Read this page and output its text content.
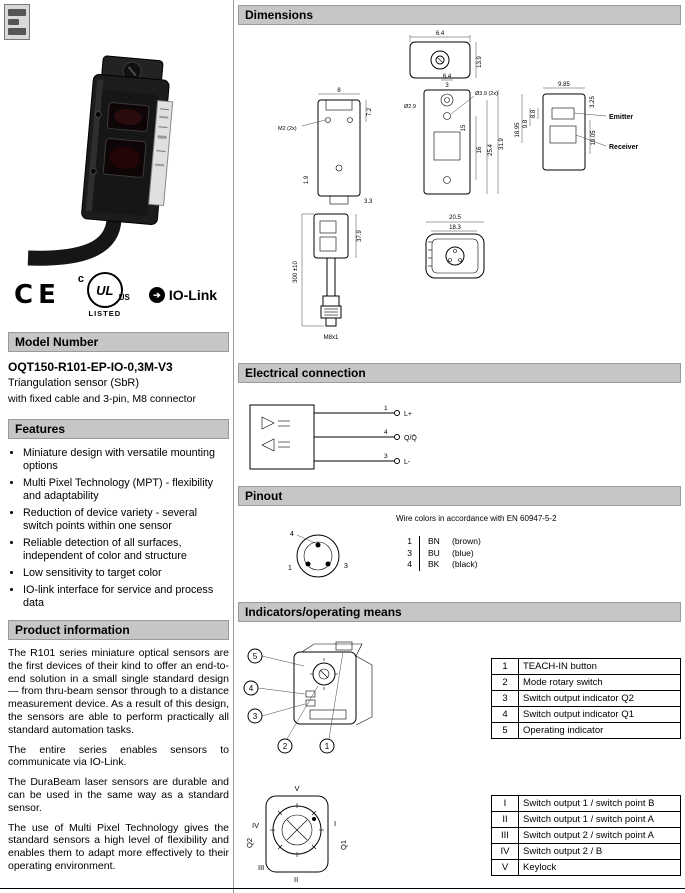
CE
c
UL US
LISTED
➔ IO-Link
Model Number
OQT150-R101-EP-IO-0,3M-V3
Triangulation sensor (SbR)
with fixed cable and 3-pin, M8 connector
Features
• Miniature design with versatile mounting options
• Multi Pixel Technology (MPT) - flexibility and adaptability
• Reduction of device variety - several switch points within one sensor
• Reliable detection of all surfaces, independent of color and structure
• Low sensitivity to target color
• IO-link interface for service and process data
Product information

The R101 series miniature optical sensors are the first devices of their kind to offer an end-to-end solution in a small single standard design — from thru-beam sensor through to a distance measurement device. As a result of this design, the sensors are able to perform practically all standard automation tasks.

The entire series enables sensors to communicate via IO-Link.

The DuraBeam laser sensors are durable and can be used in the same way as a standard sensor.

The use of Multi Pixel Technology gives the standard sensors a high level of flexibility and enables them to adapt more effectively to their operating environment.

Dimensions
6.4
13.9
8
7.2
M2 (2x)
1.9
3.3
300 ±10
37.9
M8x1
6.4
3
Ø3.9 (2x)
Ø2.9
16 25.4
31.9
15
Emitter
Receiver
9.85
3.25
19.05
8.8
9.8
18.95
20.5
18.3
Electrical connection
1
4
3
L+
Q/Q̄
L-
Pinout
Wire colors in accordance with EN 60947-5-2
4
3
1
1	BN	(brown)
3	BU	(blue)
4	BK	(black)
Indicators/operating means
5
4
3
2	1
V
IV
III
II
I
Q2	Q1
1	TEACH-IN button
2	Mode rotary switch
3	Switch output indicator Q2
4	Switch output indicator Q1
5	Operating indicator
I	Switch output 1 / switch point B
II	Switch output 1 / switch point A
III	Switch output 2 / switch point A
IV	Switch output 2 / B
V	Keylock
